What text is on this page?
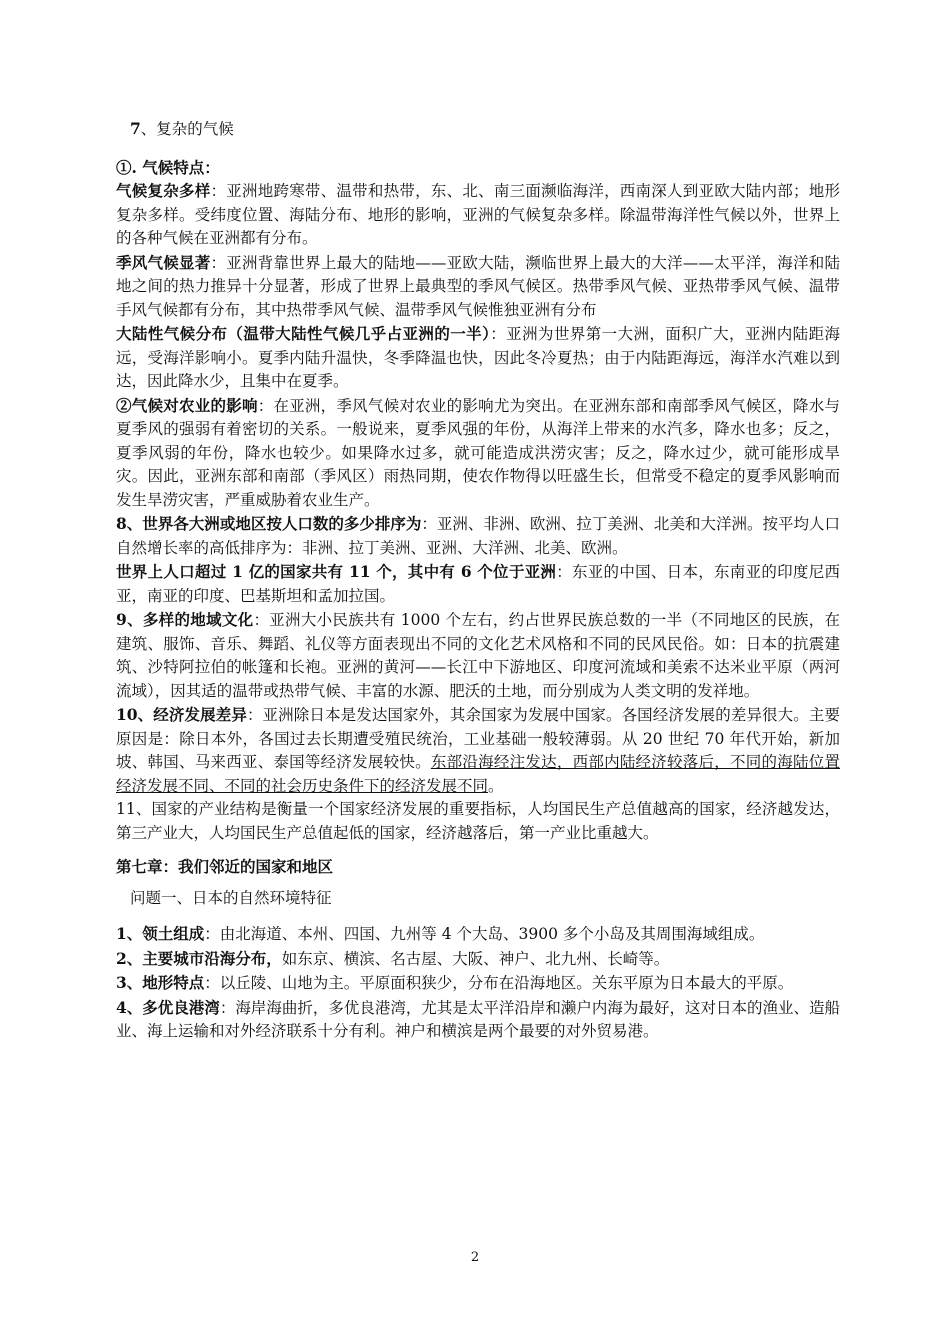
7、复杂的气候

①. 气候特点：

气候复杂多样：亚洲地跨寒带、温带和热带，东、北、南三面濒临海洋，西南深人到亚欧大陆内部；地形复杂多样。受纬度位置、海陆分布、地形的影响，亚洲的气候复杂多样。除温带海洋性气候以外，世界上的各种气候在亚洲都有分布。

季风气候显著：亚洲背靠世界上最大的陆地——亚欧大陆，濒临世界上最大的大洋——太平洋，海洋和陆地之间的热力推异十分显著，形成了世界上最典型的季风气候区。热带季风气候、亚热带季风气候、温带手风气候都有分布，其中热带季风气候、温带季风气候惟独亚洲有分布

大陆性气候分布（温带大陆性气候几乎占亚洲的一半）：亚洲为世界第一大洲，面积广大，亚洲内陆距海远，受海洋影响小。夏季内陆升温快，冬季降温也快，因此冬冷夏热；由于内陆距海远，海洋水汽难以到达，因此降水少，且集中在夏季。

②气候对农业的影响：在亚洲，季风气候对农业的影响尤为突出。在亚洲东部和南部季风气候区，降水与夏季风的强弱有着密切的关系。一般说来，夏季风强的年份，从海洋上带来的水汽多，降水也多；反之，夏季风弱的年份，降水也较少。如果降水过多，就可能造成洪涝灾害；反之，降水过少，就可能形成旱灾。因此，亚洲东部和南部（季风区）雨热同期，使农作物得以旺盛生长，但常受不稳定的夏季风影响而发生旱涝灾害，严重威胁着农业生产。

8、世界各大洲或地区按人口数的多少排序为：亚洲、非洲、欧洲、拉丁美洲、北美和大洋洲。按平均人口自然增长率的高低排序为：非洲、拉丁美洲、亚洲、大洋洲、北美、欧洲。

世界上人口超过 1 亿的国家共有 11 个，其中有 6 个位于亚洲：东亚的中国、日本，东南亚的印度尼西亚，南亚的印度、巴基斯坦和孟加拉国。

9、多样的地域文化：亚洲大小民族共有 1000 个左右，约占世界民族总数的一半（不同地区的民族，在建筑、服饰、音乐、舞蹈、礼仪等方面表现出不同的文化艺术风格和不同的民风民俗。如：日本的抗震建筑、沙特阿拉伯的帐篷和长袍。亚洲的黄河——长江中下游地区、印度河流域和美索不达米业平原（两河流域），因其适的温带或热带气候、丰富的水源、肥沃的土地，而分别成为人类文明的发祥地。

10、经济发展差异：亚洲除日本是发达国家外，其余国家为发展中国家。各国经济发展的差异很大。主要原因是：除日本外，各国过去长期遭受殖民统治，工业基础一般较薄弱。从 20 世纪 70 年代开始，新加坡、韩国、马来西亚、泰国等经济发展较快。东部沿海经注发达，西部内陆经济较落后，不同的海陆位置经济发展不同、不同的社会历史条件下的经济发展不同。

11、国家的产业结构是衡量一个国家经济发展的重要指标，人均国民生产总值越高的国家，经济越发达，第三产业大，人均国民生产总值起低的国家，经济越落后，第一产业比重越大。

第七章：我们邻近的国家和地区

问题一、日本的自然环境特征

1、领土组成：由北海道、本州、四国、九州等 4 个大岛、3900 多个小岛及其周围海域组成。

2、主要城市沿海分布，如东京、横滨、名古屋、大阪、神户、北九州、长崎等。

3、地形特点：以丘陵、山地为主。平原面积狭少，分布在沿海地区。关东平原为日本最大的平原。

4、多优良港湾：海岸海曲折，多优良港湾，尤其是太平洋沿岸和濑户内海为最好，这对日本的渔业、造船业、海上运输和对外经济联系十分有利。神户和横滨是两个最要的对外贸易港。

2
